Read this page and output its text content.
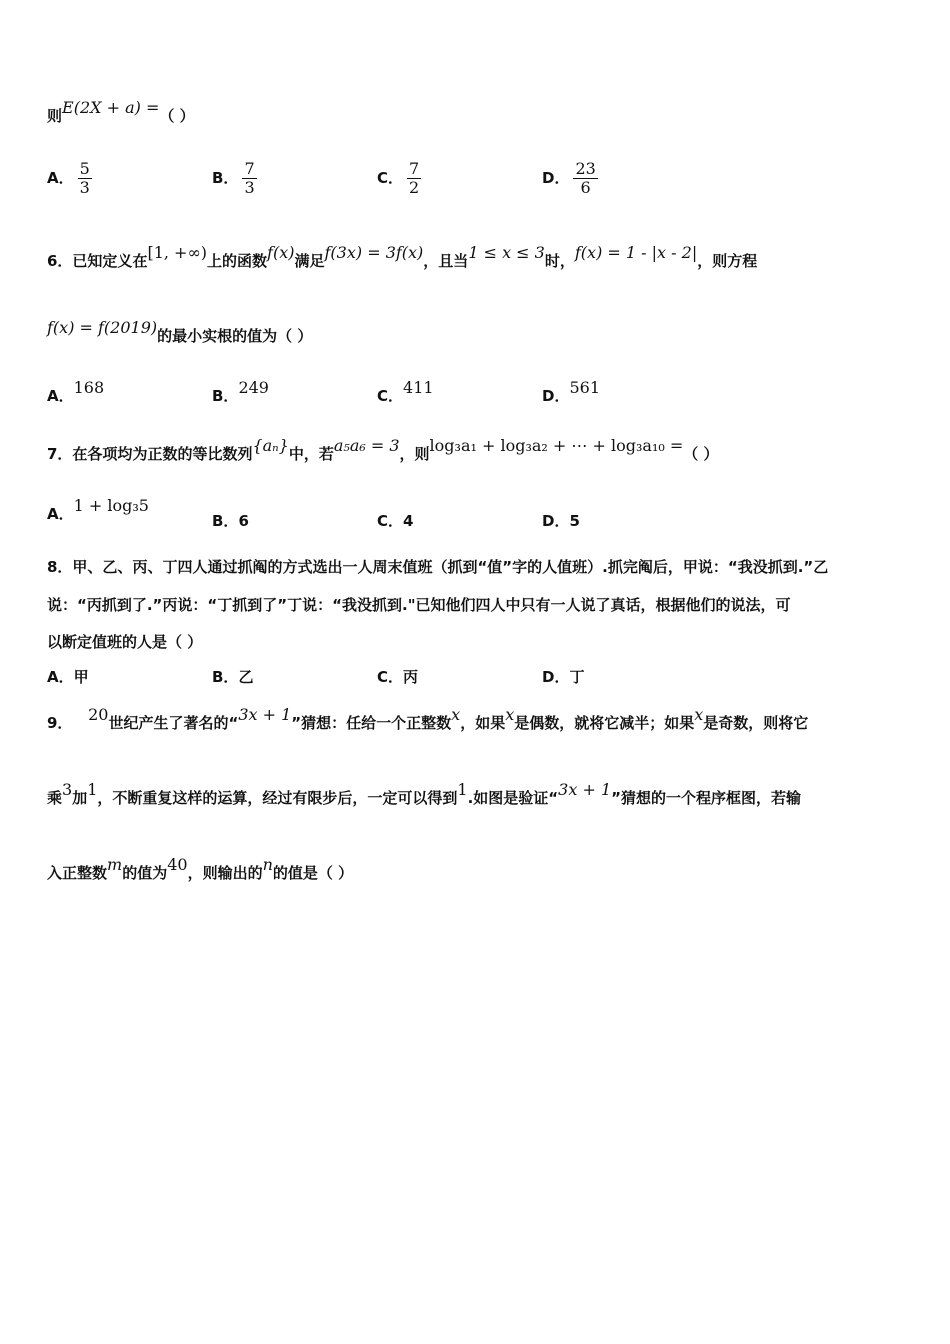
则E(2X + a) =（ ）
A． $\frac{5}{3}$	B． $\frac{7}{3}$	C． $\frac{7}{2}$	D． $\frac{23}{6}$
6．已知定义在[1, +∞)上的函数f(x)满足f(3x) = 3f(x)，且当1 ≤ x ≤ 3时，f(x) = 1 - |x - 2|，则方程
f(x) = f(2019)的最小实根的值为（ ）
A．168	B．249	C．411	D．561
7．在各项均为正数的等比数列{aₙ}中，若a₅a₆ = 3，则log₃a₁ + log₃a₂ + ⋯ + log₃a₁₀ =（ ）
A．1 + log₃5
B．6	C．4	D．5
8．甲、乙、丙、丁四人通过抓阄的方式选出一人周末值班（抓到“值”字的人值班）.抓完阄后，甲说：“我没抓到.”乙
说：“丙抓到了.”丙说：“丁抓到了”丁说：“我没抓到."已知他们四人中只有一人说了真话，根据他们的说法，可
以断定值班的人是（ ）
A．甲	B．乙	C．丙	D．丁
9． 20世纪产生了著名的“3x + 1”猜想：任给一个正整数x，如果x是偶数，就将它减半；如果x是奇数，则将它
乘3加1，不断重复这样的运算，经过有限步后，一定可以得到1.如图是验证“3x + 1”猜想的一个程序框图，若输
入正整数m的值为40，则输出的n的值是（ ）
